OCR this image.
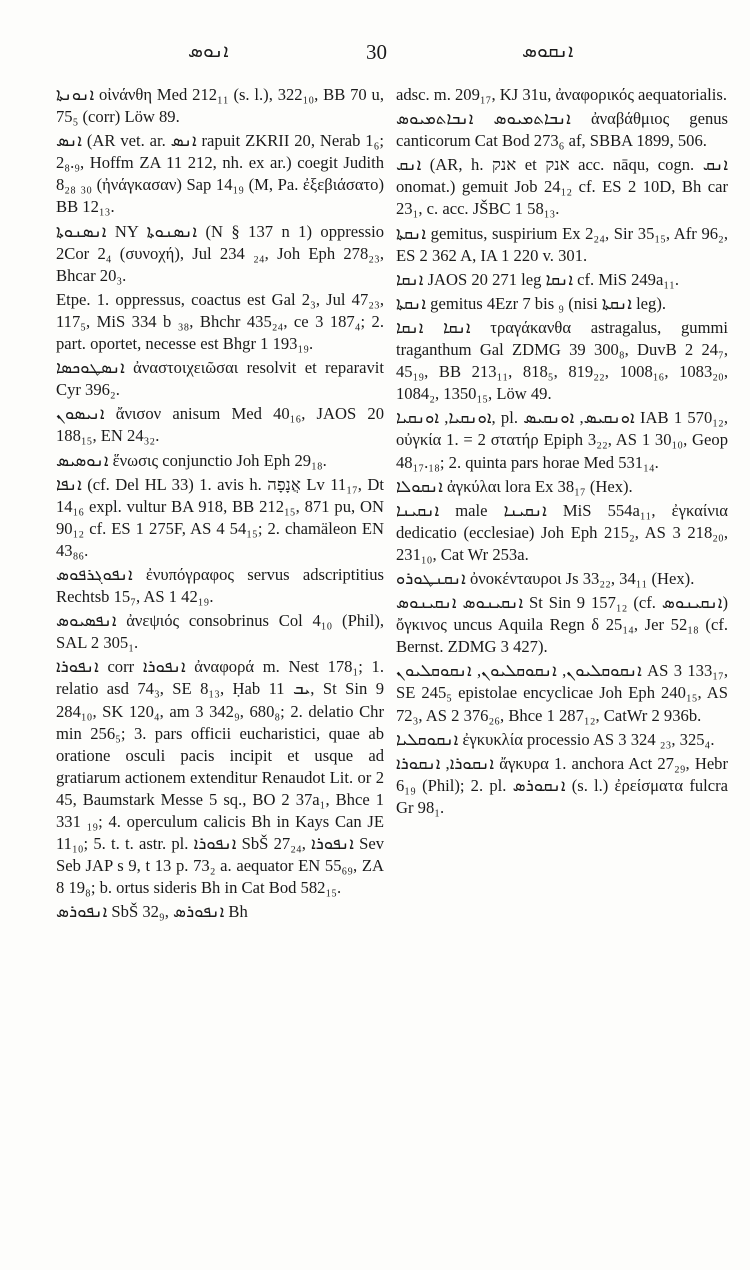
ܐܢܘܣ	30	ܐܢܩܘܣ
ܐܢܘܢܬܐ οἰνάνθη Med 212₁₁ (s. l.), 322₁₀, BB 70 u, 75₅ (corr) Löw 89.
ܐܢܣ (AR vet. ar. ܐܢܣ rapuit ZKRII 20, Nerab 1₆; 2₈.₉, Hoffm ZA 11 212, nh. ex ar.) coegit Judith 8₂₈ ₃₀ (ἠνάγκασαν) Sap 14₁₉ (M, Pa. ἐξεβιάσατο) BB 12₁₃.
ܐܢܣܢܘܬܐ NY ܐܢܣܢܘܬܐ (N § 137 n 1) oppressio 2Cor 2₄ (συνοχή), Jul 234 ₂₄, Joh Eph 278₂₃, Bhcar 20₃.
Etpe. 1. oppressus, coactus est Gal 2₃, Jul 47₂₃, 117₅, MiS 334 b ₃₈, Bhchr 435₂₄, ce 3 187₄; 2. part. oportet, necesse est Bhgr 1 193₁₉.
ܐܢܣܛܘܟܣܐ ἀναστοιχειῶσαι resolvit et reparavit Cyr 396₂.
ܐܢܝܣܘܢ ἄνισον anisum Med 40₁₆, JAOS 20 188₁₅, EN 24₃₂.
ܐܢܘܣܝܣ ἕνωσις conjunctio Joh Eph 29₁₈.
ܐܢܦܐ (cf. Del HL 33) 1. avis h. אֲנָפָה Lv 11₁₇, Dt 14₁₆ expl. vultur BA 918, BB 212₁₅, 871 pu, ON 90₁₂ cf. ES 1 275F, AS 4 54₁₅; 2. chamäleon EN 43₈₆.
ܐܢܦܘܓܪܦܘܣ ἐνυπόγραφος servus adscriptitius Rechtsb 15₇, AS 1 42₁₉.
ܐܢܦܣܝܘܣ ἀνεψιός consobrinus Col 4₁₀ (Phil), SAL 2 305₁.
ܐܢܦܘܪܐ corr ܐܢܦܘܪܐ ἀναφορά m. Nest 178₁; 1. relatio asd 74₃, SE 8₁₃, Ḥab ܝܒ 11, St Sin 9 284₁₀, SK 120₄, am 3 342₉, 680₈; 2. delatio Chr min 256₅; 3. pars officii eucharistici, quae ab oratione osculi pacis incipit et usque ad gratiarum actionem extenditur Renaudot Lit. or 2 45, Baumstark Messe 5 sq., BO 2 37a₁, Bhce 1 331 ₁₉; 4. operculum calicis Bh in Kays Can JE 11₁₀; 5. t. t. astr. pl. ܐܢܦܘܪܐ SbŠ 27₂₄, ܐܢܦܘܪܐ Sev Seb JAP s 9, t 13 p. 73₂ a. aequator EN 55₆₉, ZA 8 19₈; b. ortus sideris Bh in Cat Bod 582₁₅.
ܐܢܦܘܪܣ SbŠ 32₉, ܐܢܦܘܪܣ Bh
adsc. m. 209₁₇, KJ 31u, ἀναφορικός aequatorialis.
ܐܢܒܐܬܡܝܘܣ ܐܢܒܐܬܡܝܘܣ ἀναβάθμιος genus canticorum Cat Bod 273₆ af, SBBA 1899, 506.
ܐܢܩ (AR, h. אנק et אנק acc. nāqu, cogn. ܐܢܩ onomat.) gemuit Job 24₁₂ cf. ES 2 10D, Bh car 23₁, c. acc. JŠBC 1 58₁₃.
ܐܢܩܬܐ gemitus, suspirium Ex 2₂₄, Sir 35₁₅, Afr 96₂, ES 2 362 A, IA 1 220 v. 301.
ܐܢܩܐ JAOS 20 271 leg ܐܢܩܐ cf. MiS 249a₁₁.
ܐܢܩܬܐ gemitus 4Ezr 7 bis ₉ (nisi ܐܢܩܬܐ leg).
ܐܢܩܐ ܐܢܩܐ τραγάκανθα astragalus, gummi traganthum Gal ZDMG 39 300₈, DuvB 2 24₇, 45₁₉, BB 213₁₁, 818₅, 819₂₂, 1008₁₆, 1083₂₀, 1084₂, 1350₁₅, Löw 49.
ܐܘܢܩܝܐ, ܐܘܢܩܝܐ, pl. ܐܘܢܩܝܣ, ܐܘܢܩܝܣ IAB 1 570₁₂, οὐγκία 1. = 2 στατήρ Epiph 3₂₂, AS 1 30₁₀, Geop 48₁₇.₁₈; 2. quinta pars horae Med 531₁₄.
ܐܢܩܘܠܐ ἀγκύλαι lora Ex 38₁₇ (Hex).
ܐܢܩܝܢܐ male ܐܢܩܝܢܐ MiS 554a₁₁, ἐγκαίνια dedicatio (ecclesiae) Joh Eph 215₂, AS 3 218₂₀, 231₁₀, Cat Wr 253a.
ܐܢܩܢܛܘܪܘ ὀνοκένταυροι Js 33₂₂, 34₁₁ (Hex).
ܐܢܩܝܢܘܣ ܐܢܩܝܢܘܣ St Sin 9 157₁₂ (cf. ܐܢܩܝܢܘܣ) ὄγκινος uncus Aquila Regn δ 25₁₄, Jer 52₁₈ (cf. Bernst. ZDMG 3 427).
ܐܢܩܘܩܠܝܘܢ, ܐܢܩܘܩܠܝܘܢ, ܐܢܩܘܩܠܝܘܢ AS 3 133₁₇, SE 245₅ epistolae encyclicae Joh Eph 240₁₅, AS 72₃, AS 2 376₂₆, Bhce 1 287₁₂, CatWr 2 936b.
ܐܢܩܘܩܠܝܐ ἐγκυκλία processio AS 3 324 ₂₃, 325₄.
ܐܢܩܘܪܐ, ܐܢܩܘܪܐ ἄγκυρα 1. anchora Act 27₂₉, Hebr 6₁₉ (Phil); 2. pl. ܐܢܩܘܪܣ (s. l.) ἐρείσματα fulcra Gr 98₁.
